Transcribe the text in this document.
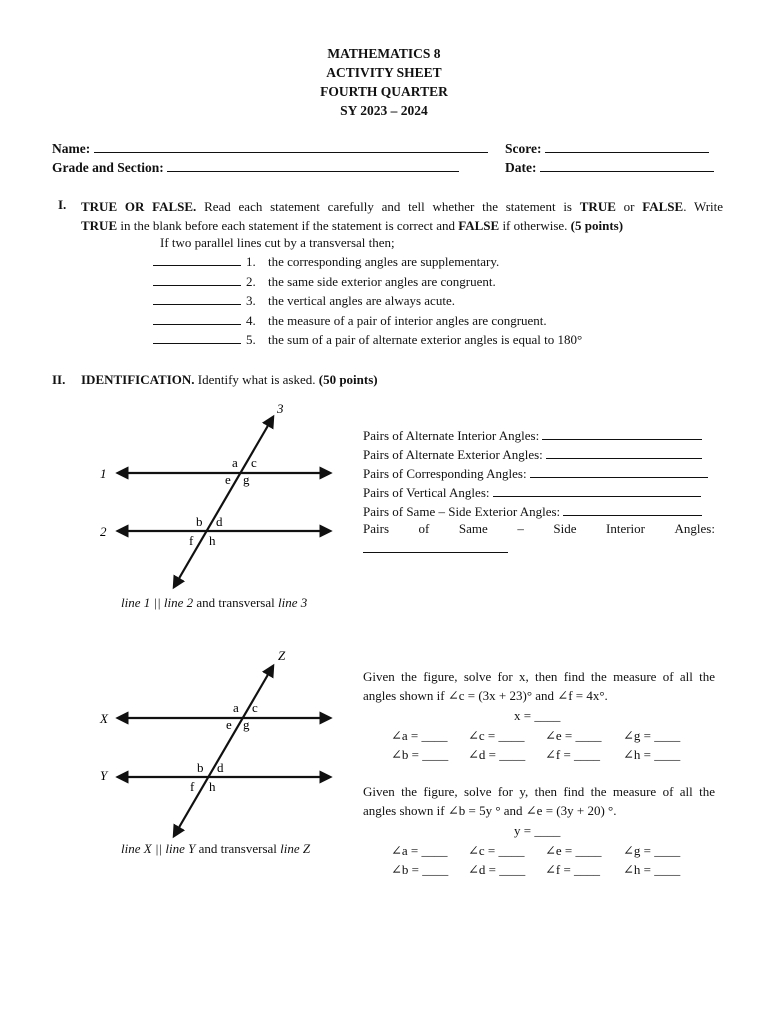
MATHEMATICS 8
ACTIVITY SHEET
FOURTH QUARTER
SY 2023 – 2024
Name:
Grade and Section:
Score:
Date:
I. TRUE OR FALSE. Read each statement carefully and tell whether the statement is TRUE or FALSE. Write
TRUE in the blank before each statement if the statement is correct and FALSE if otherwise. (5 points)
If two parallel lines cut by a transversal then;
1. the corresponding angles are supplementary.
2. the same side exterior angles are congruent.
3. the vertical angles are always acute.
4. the measure of a pair of interior angles are congruent.
5. the sum of a pair of alternate exterior angles is equal to 180°
II. IDENTIFICATION. Identify what is asked. (50 points)
3
1
2
a c
e g
b d
f h
line 1 || line 2 and transversal line 3
Pairs of Alternate Interior Angles:
Pairs of Alternate Exterior Angles:
Pairs of Corresponding Angles:
Pairs of Vertical Angles:
Pairs of Same – Side Exterior Angles:
Pairs of Same – Side Interior Angles:
Z
X
Y
a c
e g
b d
f h
line X || line Y and transversal line Z
Given the figure, solve for x, then find the measure of all the
angles shown if ∠c = (3x + 23)° and ∠f = 4x°.
x = ____
∠a = ____ ∠c = ____ ∠e = ____ ∠g = ____
∠b = ____ ∠d = ____ ∠f = ____ ∠h = ____
Given the figure, solve for y, then find the measure of all the
angles shown if ∠b = 5y ° and ∠e = (3y + 20) °.
y = ____
∠a = ____ ∠c = ____ ∠e = ____ ∠g = ____
∠b = ____ ∠d = ____ ∠f = ____ ∠h = ____
